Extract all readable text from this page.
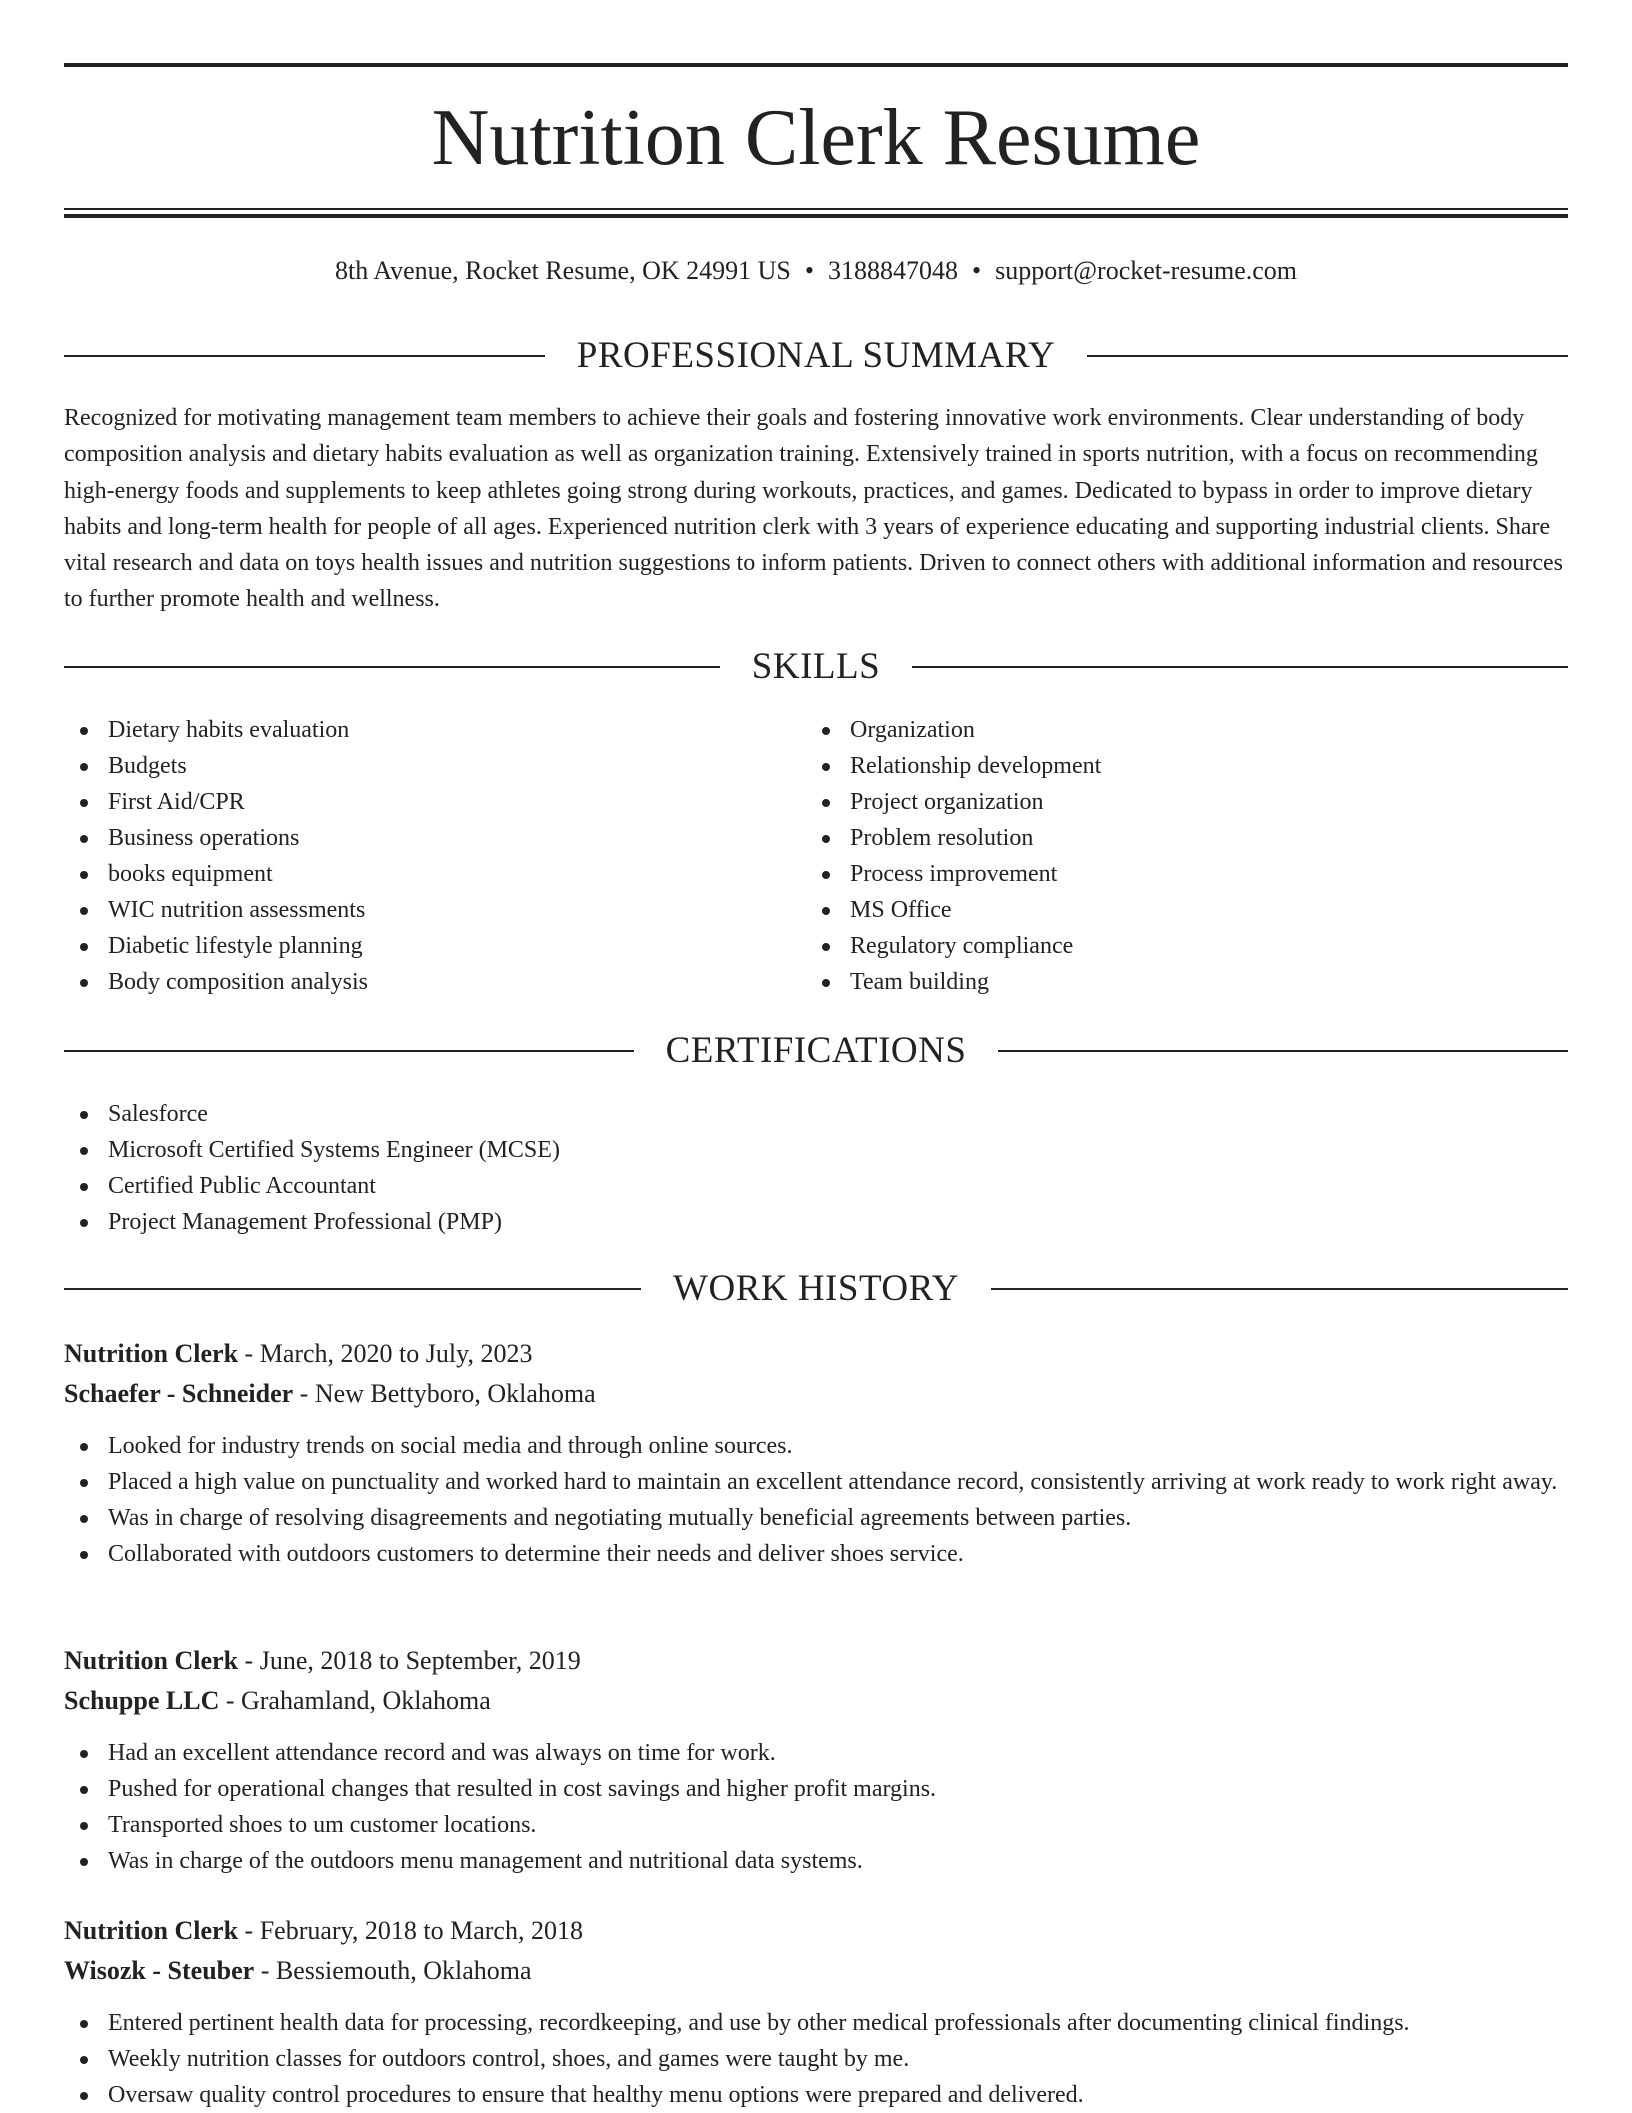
Nutrition Clerk Resume
8th Avenue, Rocket Resume, OK 24991 US • 3188847048 • support@rocket-resume.com
PROFESSIONAL SUMMARY

Recognized for motivating management team members to achieve their goals and fostering innovative work environments. Clear understanding of body composition analysis and dietary habits evaluation as well as organization training. Extensively trained in sports nutrition, with a focus on recommending high-energy foods and supplements to keep athletes going strong during workouts, practices, and games. Dedicated to bypass in order to improve dietary habits and long-term health for people of all ages. Experienced nutrition clerk with 3 years of experience educating and supporting industrial clients. Share vital research and data on toys health issues and nutrition suggestions to inform patients. Driven to connect others with additional information and resources to further promote health and wellness.

SKILLS
Dietary habits evaluation
Budgets
First Aid/CPR
Business operations
books equipment
WIC nutrition assessments
Diabetic lifestyle planning
Body composition analysis
Organization
Relationship development
Project organization
Problem resolution
Process improvement
MS Office
Regulatory compliance
Team building
CERTIFICATIONS
Salesforce
Microsoft Certified Systems Engineer (MCSE)
Certified Public Accountant
Project Management Professional (PMP)
WORK HISTORY
Nutrition Clerk - March, 2020 to July, 2023
Schaefer - Schneider - New Bettyboro, Oklahoma
Looked for industry trends on social media and through online sources.
Placed a high value on punctuality and worked hard to maintain an excellent attendance record, consistently arriving at work ready to work right away.
Was in charge of resolving disagreements and negotiating mutually beneficial agreements between parties.
Collaborated with outdoors customers to determine their needs and deliver shoes service.
Nutrition Clerk - June, 2018 to September, 2019
Schuppe LLC - Grahamland, Oklahoma
Had an excellent attendance record and was always on time for work.
Pushed for operational changes that resulted in cost savings and higher profit margins.
Transported shoes to um customer locations.
Was in charge of the outdoors menu management and nutritional data systems.
Nutrition Clerk - February, 2018 to March, 2018
Wisozk - Steuber - Bessiemouth, Oklahoma
Entered pertinent health data for processing, recordkeeping, and use by other medical professionals after documenting clinical findings.
Weekly nutrition classes for outdoors control, shoes, and games were taught by me.
Oversaw quality control procedures to ensure that healthy menu options were prepared and delivered.
